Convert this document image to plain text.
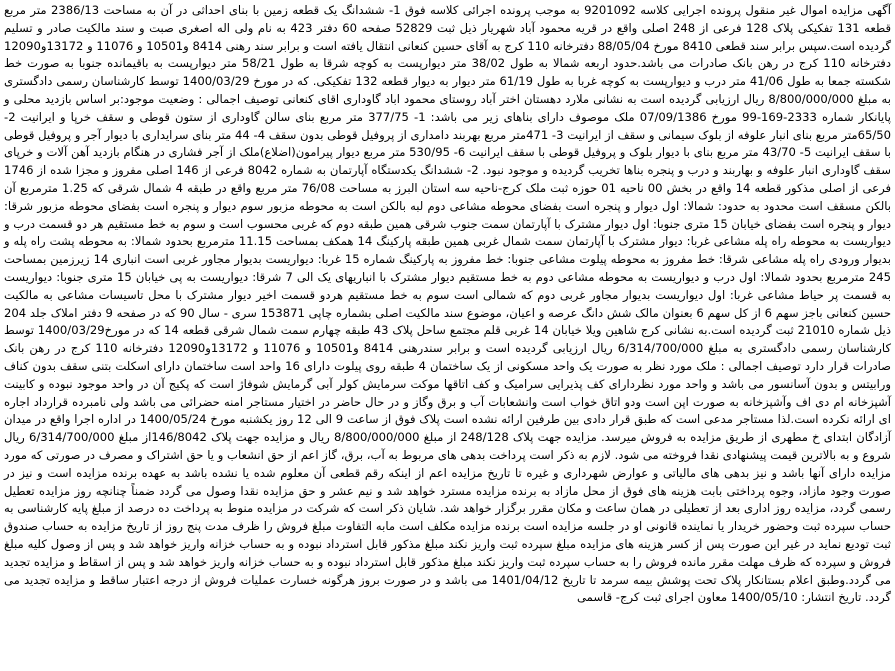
آگهی مزایده اموال غیر منقول پرونده اجرایی کلاسه 9201092 به موجب پرونده اجرائی کلاسه فوق 1- ششدانگ یک قطعه زمین با بنای احداثی در آن به مساحت 2386/13 متر مربع قطعه 131 تفکیکی پلاک 128 فرعی از 248 اصلی واقع در قریه محمود آباد شهریار ذیل ثبت 52829 صفحه 60 دفتر 423 به نام ولی اله اصغری صبت و سند مالکیت صادر و تسلیم گردیده است.سپس برابر سند قطعی 8410 مورخ 88/05/04 دفترخانه 110 کرج به آقای حسین کنعانی انتقال یافته است و برابر سند رهنی 8414 و10501 و 11076 و 13172و12090 دفترخانه 110 کرج در رهن بانک صادرات می باشد.حدود اربعه شمالا به طول 38/02 متر دیوارپست به کوچه شرقا به طول 58/21 متر دیوارپست به باقیمانده جنوبا به صورت خط شکسته جمعا به طول 41/06 متر درب و دیوارپست به کوچه غربا به طول 61/19 متر دیوار به دیوار قطعه 132 تفکیکی. که در مورخ 1400/03/29 توسط کارشناسان رسمی دادگستری به مبلغ 8/800/000/000 ریال ارزیابی گردیده است به نشانی ملارد دهستان اختر آباد روستای محمود اباد گاوداری اقای کنعانی توصیف اجمالی : وضعیت موجود:بر اساس بازدید محلی و پایانکار شماره 2333-169-99 مورخ 07/09/1386 ملک موصوف دارای بناهای زیر می باشد: 1- 377/75 متر مربع بنای سالن گاوداری از ستون قوطی و سقف خرپا و ایرانیت 2- 65/50متر مربع بنای انبار علوفه از بلوک سیمانی و سقف از ایرانیت 3- 471متر مربع بهربند دامداری از پروفیل قوطی بدون سقف 4- 44 متر بنای سرایداری با دیوار آجر و پروفیل قوطی با سقف ایرانیت 5- 43/70 متر مربع بنای با دیوار بلوک و پروفیل قوطی با سقف ایرانیت 6- 530/95 متر مربع دیوار پیرامون(اضلاع)ملک از آجر فشاری در هنگام بازدید آهن آلات و خرپای سقف گاوداری انبار علوفه و بهاربند و درب و پنجره بناها تخریب گردیده و موجود نبود. 2- ششدانگ یکدستگاه آپارتمان به شماره 8042 فرعی از 146 اصلی مفروز و مجزا شده از 1746 فرعی از اصلی مذکور قطعه 14 واقع در بخش 00 ناحیه 01 حوزه ثبت ملک کرج-ناحیه سه استان البرز به مساحت 76/08 متر مربع واقع در طبقه 4 شمال شرقی که 1.25 مترمربع آن بالکن مسقف است محدود به حدود: شمالا: اول دیوار و پنجره است بفضای محوطه مشاعی دوم لبه بالکن است به محوطه مزبور سوم دیوار و پنجره است بفضای محوطه مزبور شرقا: دیوار و پنجره است بفضای خیابان 15 متری جنوبا: اول دیوار مشترک با آپارتمان سمت جنوب شرقی همین طبقه دوم که غربی محسوب است و سوم به خط مستقیم هر دو قسمت درب و دیواریست به محوطه راه پله مشاعی غربا: دیوار مشترک با آپارتمان سمت شمال غربی همین طبقه پارکینگ 14 همکف بمساحت 11.15 مترمربع بحدود شمالا: به محوطه پشت راه پله و بدیوار ورودی راه پله مشاعی شرقا: خط مفروز به محوطه پیلوت مشاعی جنوبا: خط مفروز به پارکینگ شماره 15 غربا: دیواریست بدیوار مجاور غربی است انباری 14 زیرزمین بمساحت 245 مترمربع بحدود شمالا: اول درب و دیواریست به محوطه مشاعی دوم به خط مستقیم دیوار مشترک با انباریهای یک الی 7 شرقا: دیواریست به پی خیابان 15 متری جنوبا: دیواریست به قسمت پر حیاط مشاعی غربا: اول دیواریست بدیوار مجاور غربی دوم که شمالی است سوم به خط مستقیم هردو قسمت اخیر دیوار مشترک با محل تاسیسات مشاعی به مالکیت حسین کنعانی باجز سهم 6 از کل سهم 6 بعنوان مالک شش دانگ عرصه و اعیان، موضوع سند مالکیت اصلی بشماره چاپی 153871 سری - سال 90 که در صفحه 9 دفتر املاک جلد 204 ذیل شماره 21010 ثبت گردیده است.به نشانی کرج شاهین ویلا خیابان 14 غربی قلم مجتمع ساحل پلاک 43 طبقه چهارم سمت شمال شرقی قطعه 14 که در مورخ1400/03/29 توسط کارشناسان رسمی دادگستری به مبلغ 6/314/700/000 ریال ارزیابی گردیده است و برابر سندرهنی 8414 و10501 و 11076 و 13172و12090 دفترخانه 110 کرج در رهن بانک صادرات قرار دارد توصیف اجمالی : ملک مورد نظر به صورت یک واحد مسکونی از یک ساختمان 4 طبقه روی پیلوت دارای 16 واحد است ساختمان دارای اسکلت بتنی سقف بدون کناف ورابیتس و بدون آسانسور می باشد و واحد مورد نظردارای کف پذیرایی سرامیک و کف اتاقها موکت سرمایش کولر آبی گرمایش شوفاژ است که پکیج آن در واحد موجود نبوده و کابینت آشپزخانه ام دی اف وآشپزخانه به صورت اپن است ودو اتاق خواب است وانشعابات آب و برق وگاز و در حال حاضر در اختیار مستاجر امنه حضرائی می باشد ولی نامبرده قرارداد اجاره ای ارائه نکرده است.لذا مستاجر مدعی است که طبق قرار دادی بین طرفین ارائه نشده است پلاک فوق از ساعت 9 الی 12 روز یکشنبه مورخ 1400/05/24 در اداره اجرا واقع در میدان آزادگان ابتدای خ مطهری از طریق مزایده به فروش میرسد. مزایده جهت پلاک 248/128 از مبلغ 8/800/000/000 ریال و مزایده جهت پلاک 146/8042از مبلغ 6/314/700/000 ریال شروع و به بالاترین قیمت پیشنهادی نقدا فروخته می شود. لازم به ذکر است پرداخت بدهی های مربوط به آب، برق، گاز اعم از حق انشعاب و یا حق اشتراک و مصرف در صورتی که مورد مزایده دارای آنها باشد و نیز بدهی های مالیاتی و عوارض شهرداری و غیره تا تاریخ مزایده اعم از اینکه رقم قطعی آن معلوم شده یا نشده باشد به عهده برنده مزایده است و نیز در صورت وجود مازاد، وجوه پرداختی بابت هزینه های فوق از محل مازاد به برنده مزایده مسترد خواهد شد و نیم عشر و حق مزایده نقدا وصول می گردد ضمناً چنانچه روز مزایده تعطیل رسمی گردد، مزایده روز اداری بعد از تعطیلی در همان ساعت و مکان مقرر برگزار خواهد شد. شایان ذکر است که شرکت در مزایده منوط به پرداخت ده درصد از مبلغ پایه کارشناسی به حساب سپرده ثبت وحضور خریدار یا نماینده قانونی او در جلسه مزایده است برنده مزایده مکلف است مابه التفاوت مبلغ فروش را ظرف مدت پنج روز از تاریخ مزایده به حساب صندوق ثبت تودیع نماید در غیر این صورت پس از کسر هزینه های مزایده مبلغ سپرده ثبت واریز نکند مبلغ مذکور قابل استرداد نبوده و به حساب خزانه واریز خواهد شد و پس از وصول کلیه مبلغ فروش و سپرده که ظرف مهلت مقرر مانده فروش را به حساب سپرده ثبت واریز نکند مبلغ مذکور قابل استرداد نبوده و به حساب خزانه واریز خواهد شد و پس از اسقاط و مزایده تجدید می گردد.وطبق اعلام بستانکار پلاک تحت پوشش بیمه سرمد تا تاریخ 1401/04/12 می باشد و در صورت بروز هرگونه خسارت عملیات فروش از درجه اعتبار ساقط و مزایده تجدید می گردد. تاریخ انتشار: 1400/05/10 معاون اجرای ثبت کرج- قاسمی
